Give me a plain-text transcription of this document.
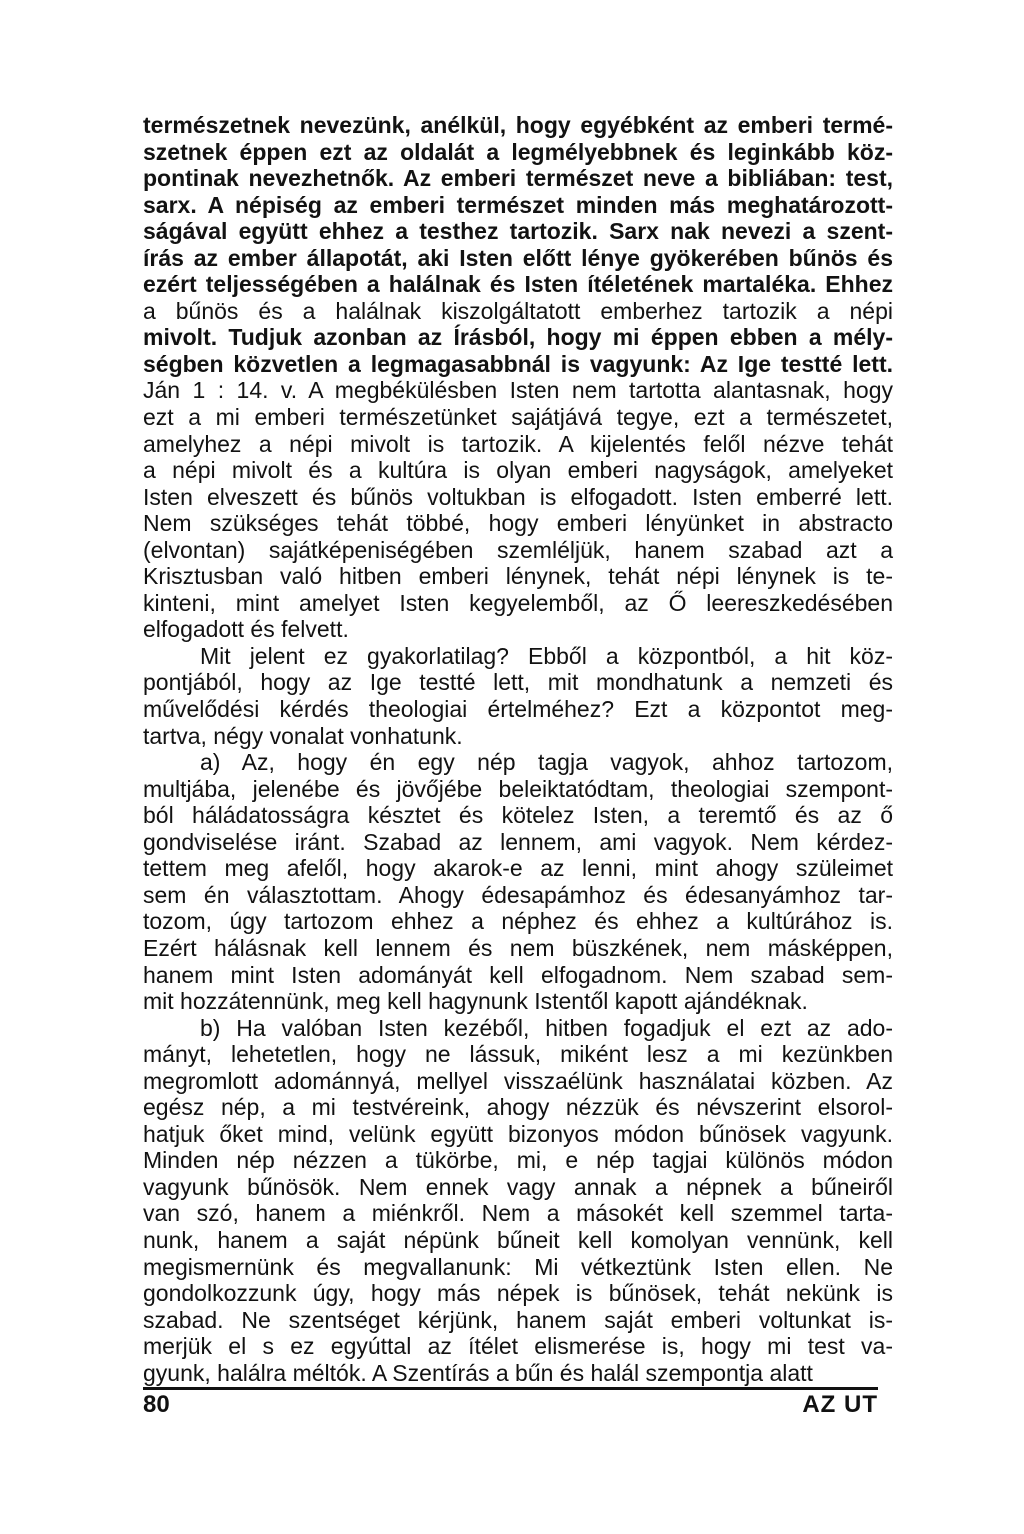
természetnek nevezünk, anélkül, hogy egyébként az emberi termé-
szetnek éppen ezt az oldalát a legmélyebbnek és leginkább köz-
pontinak nevezhetnők. Az emberi természet neve a bibliában: test,
sarx. A népiség az emberi természet minden más meghatározott-
ságával együtt ehhez a testhez tartozik. Sarx nak nevezi a szent-
írás az ember állapotát, aki Isten előtt lénye gyökerében bűnös és
ezért teljességében a halálnak és Isten ítéletének martaléka. Ehhez
a bűnös és a halálnak kiszolgáltatott emberhez tartozik a népi
mivolt. Tudjuk azonban az Írásból, hogy mi éppen ebben a mély-
ségben közvetlen a legmagasabbnál is vagyunk: Az Ige testté lett.
Ján 1 : 14. v. A megbékülésben Isten nem tartotta alantasnak, hogy
ezt a mi emberi természetünket sajátjává tegye, ezt a természetet,
amelyhez a népi mivolt is tartozik. A kijelentés felől nézve tehát
a népi mivolt és a kultúra is olyan emberi nagyságok, amelyeket
Isten elveszett és bűnös voltukban is elfogadott. Isten emberré lett.
Nem szükséges tehát többé, hogy emberi lényünket in abstracto
(elvontan) sajátképeniségében szemléljük, hanem szabad azt a
Krisztusban való hitben emberi lénynek, tehát népi lénynek is te-
kinteni, mint amelyet Isten kegyelemből, az Ő leereszkedésében
elfogadott és felvett.
Mit jelent ez gyakorlatilag? Ebből a központból, a hit köz-
pontjából, hogy az Ige testté lett, mit mondhatunk a nemzeti és
művelődési kérdés theologiai értelméhez? Ezt a központot meg-
tartva, négy vonalat vonhatunk.
a) Az, hogy én egy nép tagja vagyok, ahhoz tartozom,
multjába, jelenébe és jövőjébe beleiktatódtam, theologiai szempont-
ból háládatosságra késztet és kötelez Isten, a teremtő és az ő
gondviselése iránt. Szabad az lennem, ami vagyok. Nem kérdez-
tettem meg afelől, hogy akarok-e az lenni, mint ahogy szüleimet
sem én választottam. Ahogy édesapámhoz és édesanyámhoz tar-
tozom, úgy tartozom ehhez a néphez és ehhez a kultúrához is.
Ezért hálásnak kell lennem és nem büszkének, nem másképpen,
hanem mint Isten adományát kell elfogadnom. Nem szabad sem-
mit hozzátennünk, meg kell hagynunk Istentől kapott ajándéknak.
b) Ha valóban Isten kezéből, hitben fogadjuk el ezt az ado-
mányt, lehetetlen, hogy ne lássuk, miként lesz a mi kezünkben
megromlott adománnyá, mellyel visszaélünk használatai közben. Az
egész nép, a mi testvéreink, ahogy nézzük és névszerint elsorol-
hatjuk őket mind, velünk együtt bizonyos módon bűnösek vagyunk.
Minden nép nézzen a tükörbe, mi, e nép tagjai különös módon
vagyunk bűnösök. Nem ennek vagy annak a népnek a bűneiről
van szó, hanem a miénkről. Nem a másokét kell szemmel tarta-
nunk, hanem a saját népünk bűneit kell komolyan vennünk, kell
megismernünk és megvallanunk: Mi vétkeztünk Isten ellen. Ne
gondolkozzunk úgy, hogy más népek is bűnösek, tehát nekünk is
szabad. Ne szentséget kérjünk, hanem saját emberi voltunkat is-
merjük el s ez egyúttal az ítélet elismerése is, hogy mi test va-
gyunk, halálra méltók. A Szentírás a bűn és halál szempontja alatt
80	AZ UT
